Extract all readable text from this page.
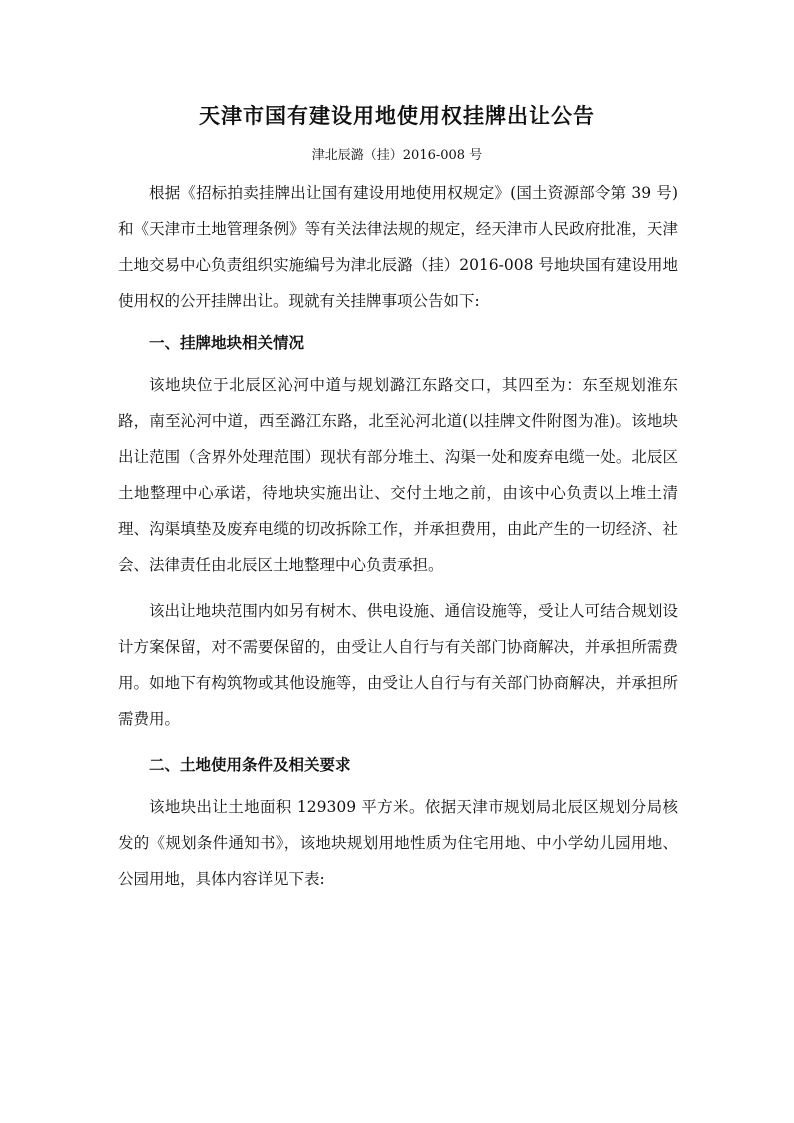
天津市国有建设用地使用权挂牌出让公告
津北辰潞（挂）2016-008 号

根据《招标拍卖挂牌出让国有建设用地使用权规定》(国土资源部令第 39 号)和《天津市土地管理条例》等有关法律法规的规定，经天津市人民政府批准，天津土地交易中心负责组织实施编号为津北辰潞（挂）2016-008 号地块国有建设用地使用权的公开挂牌出让。现就有关挂牌事项公告如下:

一、挂牌地块相关情况

该地块位于北辰区沁河中道与规划潞江东路交口，其四至为：东至规划淮东路，南至沁河中道，西至潞江东路，北至沁河北道(以挂牌文件附图为准)。该地块出让范围（含界外处理范围）现状有部分堆土、沟渠一处和废弃电缆一处。北辰区土地整理中心承诺，待地块实施出让、交付土地之前，由该中心负责以上堆土清理、沟渠填垫及废弃电缆的切改拆除工作，并承担费用，由此产生的一切经济、社会、法律责任由北辰区土地整理中心负责承担。

该出让地块范围内如另有树木、供电设施、通信设施等，受让人可结合规划设计方案保留，对不需要保留的，由受让人自行与有关部门协商解决，并承担所需费用。如地下有构筑物或其他设施等，由受让人自行与有关部门协商解决，并承担所需费用。

二、土地使用条件及相关要求

该地块出让土地面积 129309 平方米。依据天津市规划局北辰区规划分局核发的《规划条件通知书》，该地块规划用地性质为住宅用地、中小学幼儿园用地、公园用地，具体内容详见下表:
